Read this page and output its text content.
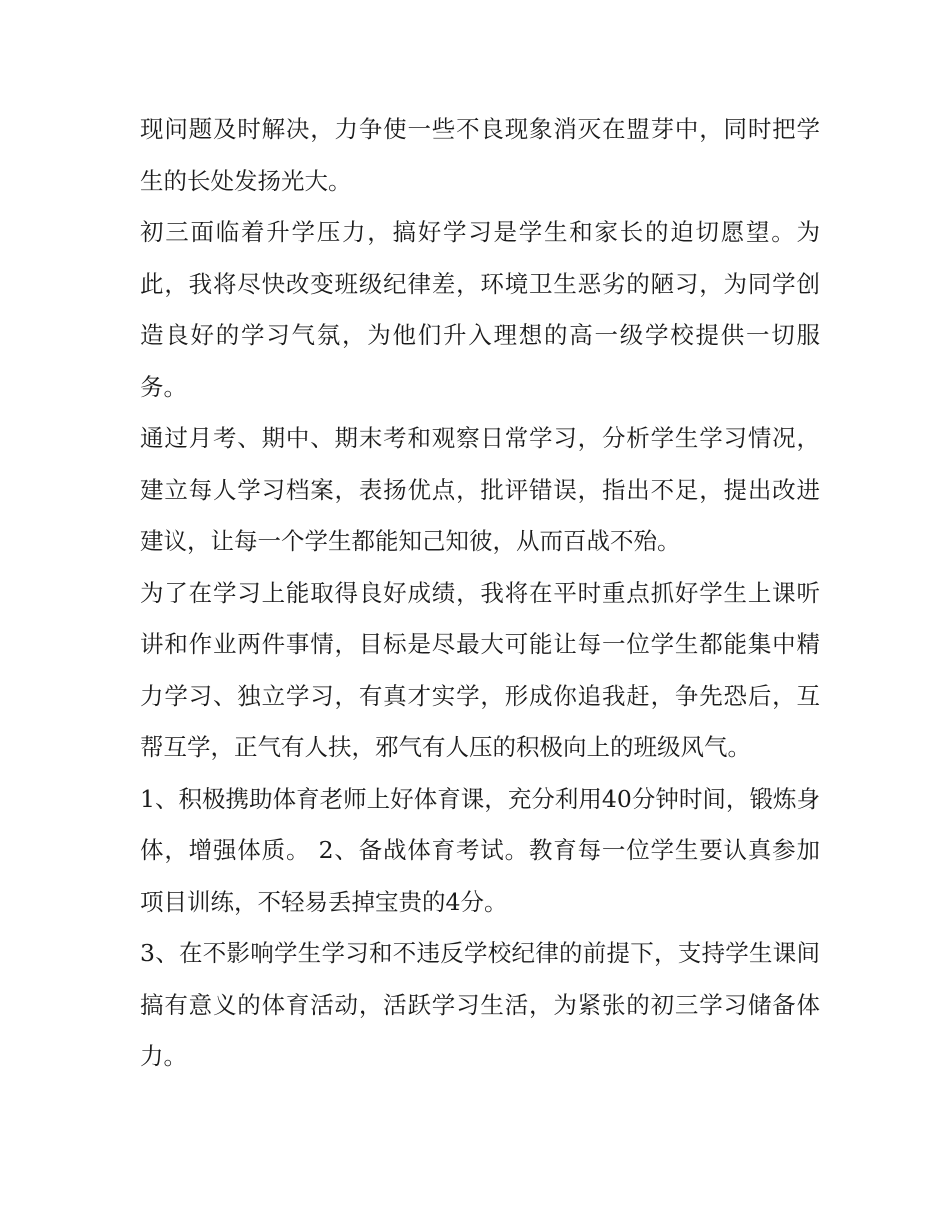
现问题及时解决，力争使一些不良现象消灭在盟芽中，同时把学生的长处发扬光大。

初三面临着升学压力，搞好学习是学生和家长的迫切愿望。为此，我将尽快改变班级纪律差，环境卫生恶劣的陋习，为同学创造良好的学习气氛，为他们升入理想的高一级学校提供一切服务。

通过月考、期中、期末考和观察日常学习，分析学生学习情况，建立每人学习档案，表扬优点，批评错误，指出不足，提出改进建议，让每一个学生都能知己知彼，从而百战不殆。

为了在学习上能取得良好成绩，我将在平时重点抓好学生上课听讲和作业两件事情，目标是尽最大可能让每一位学生都能集中精力学习、独立学习，有真才实学，形成你追我赶，争先恐后，互帮互学，正气有人扶，邪气有人压的积极向上的班级风气。

1、积极携助体育老师上好体育课，充分利用40分钟时间，锻炼身体，增强体质。 2、备战体育考试。教育每一位学生要认真参加项目训练，不轻易丢掉宝贵的4分。

3、在不影响学生学习和不违反学校纪律的前提下，支持学生课间搞有意义的体育活动，活跃学习生活，为紧张的初三学习储备体力。
